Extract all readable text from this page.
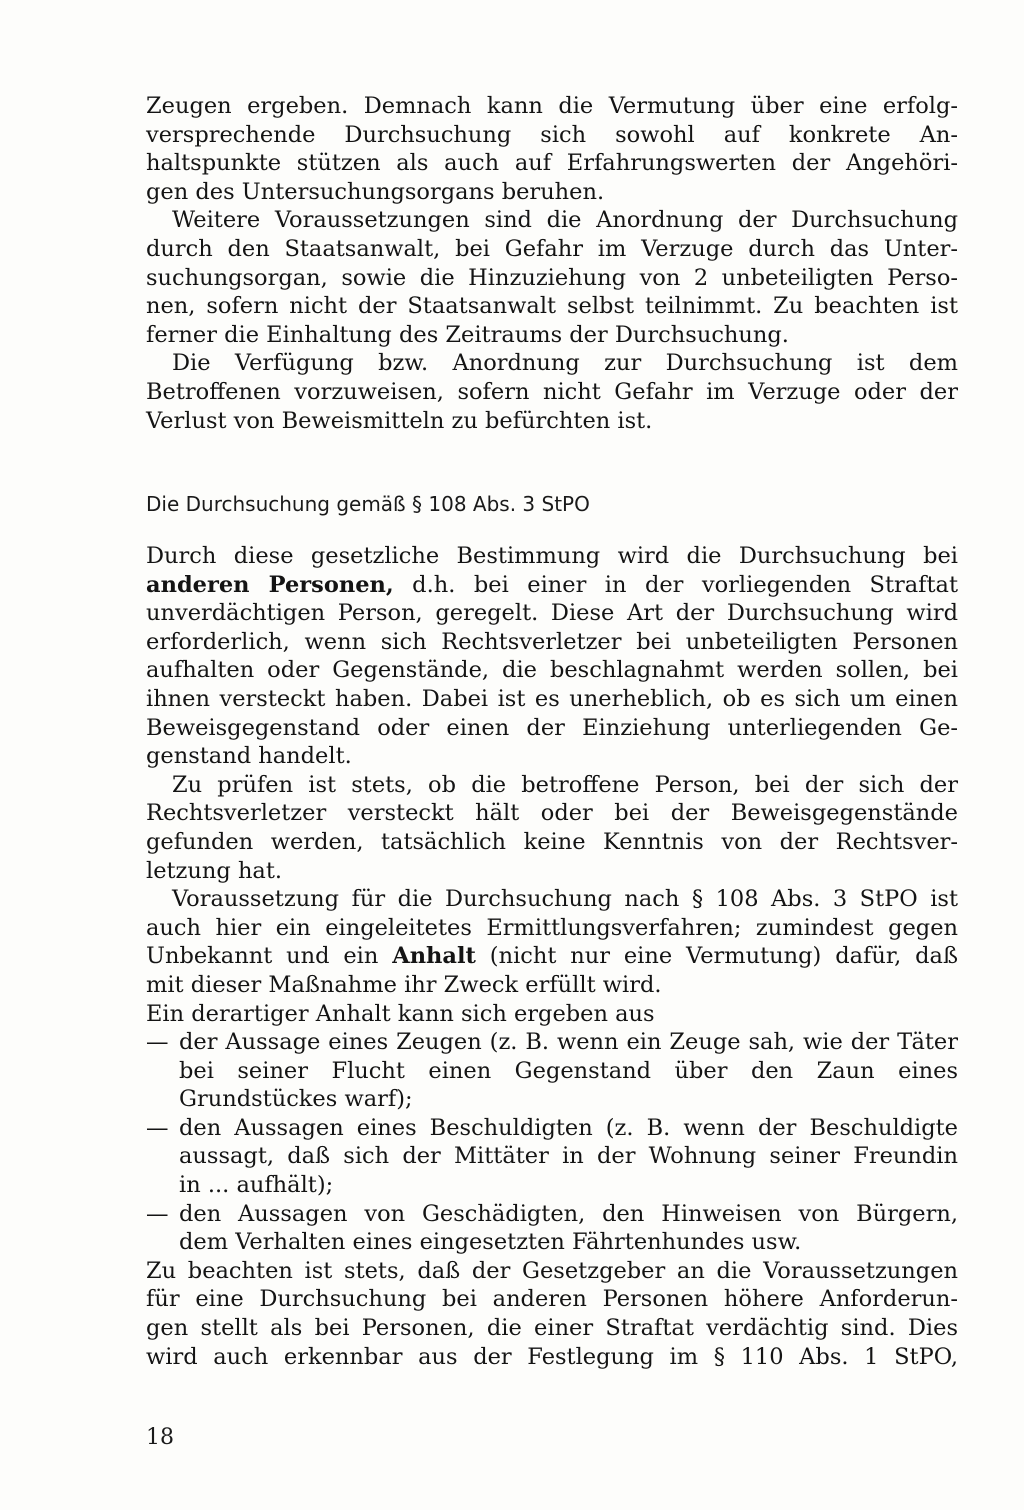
Zeugen ergeben. Demnach kann die Vermutung über eine erfolg-
versprechende Durchsuchung sich sowohl auf konkrete An-
haltspunkte stützen als auch auf Erfahrungswerten der Angehöri-
gen des Untersuchungsorgans beruhen.
Weitere Voraussetzungen sind die Anordnung der Durchsuchung
durch den Staatsanwalt, bei Gefahr im Verzuge durch das Unter-
suchungsorgan, sowie die Hinzuziehung von 2 unbeteiligten Perso-
nen, sofern nicht der Staatsanwalt selbst teilnimmt. Zu beachten ist
ferner die Einhaltung des Zeitraums der Durchsuchung.
Die Verfügung bzw. Anordnung zur Durchsuchung ist dem
Betroffenen vorzuweisen, sofern nicht Gefahr im Verzuge oder der
Verlust von Beweismitteln zu befürchten ist.
Die Durchsuchung gemäß § 108 Abs. 3 StPO
Durch diese gesetzliche Bestimmung wird die Durchsuchung bei
anderen Personen, d.h. bei einer in der vorliegenden Straftat
unverdächtigen Person, geregelt. Diese Art der Durchsuchung wird
erforderlich, wenn sich Rechtsverletzer bei unbeteiligten Personen
aufhalten oder Gegenstände, die beschlagnahmt werden sollen, bei
ihnen versteckt haben. Dabei ist es unerheblich, ob es sich um einen
Beweisgegenstand oder einen der Einziehung unterliegenden Ge-
genstand handelt.
Zu prüfen ist stets, ob die betroffene Person, bei der sich der
Rechtsverletzer versteckt hält oder bei der Beweisgegenstände
gefunden werden, tatsächlich keine Kenntnis von der Rechtsver-
letzung hat.
Voraussetzung für die Durchsuchung nach § 108 Abs. 3 StPO ist
auch hier ein eingeleitetes Ermittlungsverfahren; zumindest gegen
Unbekannt und ein Anhalt (nicht nur eine Vermutung) dafür, daß
mit dieser Maßnahme ihr Zweck erfüllt wird.
Ein derartiger Anhalt kann sich ergeben aus
— der Aussage eines Zeugen (z. B. wenn ein Zeuge sah, wie der Täter
bei seiner Flucht einen Gegenstand über den Zaun eines
Grundstückes warf);
— den Aussagen eines Beschuldigten (z. B. wenn der Beschuldigte
aussagt, daß sich der Mittäter in der Wohnung seiner Freundin
in ... aufhält);
— den Aussagen von Geschädigten, den Hinweisen von Bürgern,
dem Verhalten eines eingesetzten Fährtenhundes usw.
Zu beachten ist stets, daß der Gesetzgeber an die Voraussetzungen
für eine Durchsuchung bei anderen Personen höhere Anforderun-
gen stellt als bei Personen, die einer Straftat verdächtig sind. Dies
wird auch erkennbar aus der Festlegung im § 110 Abs. 1 StPO,
18
